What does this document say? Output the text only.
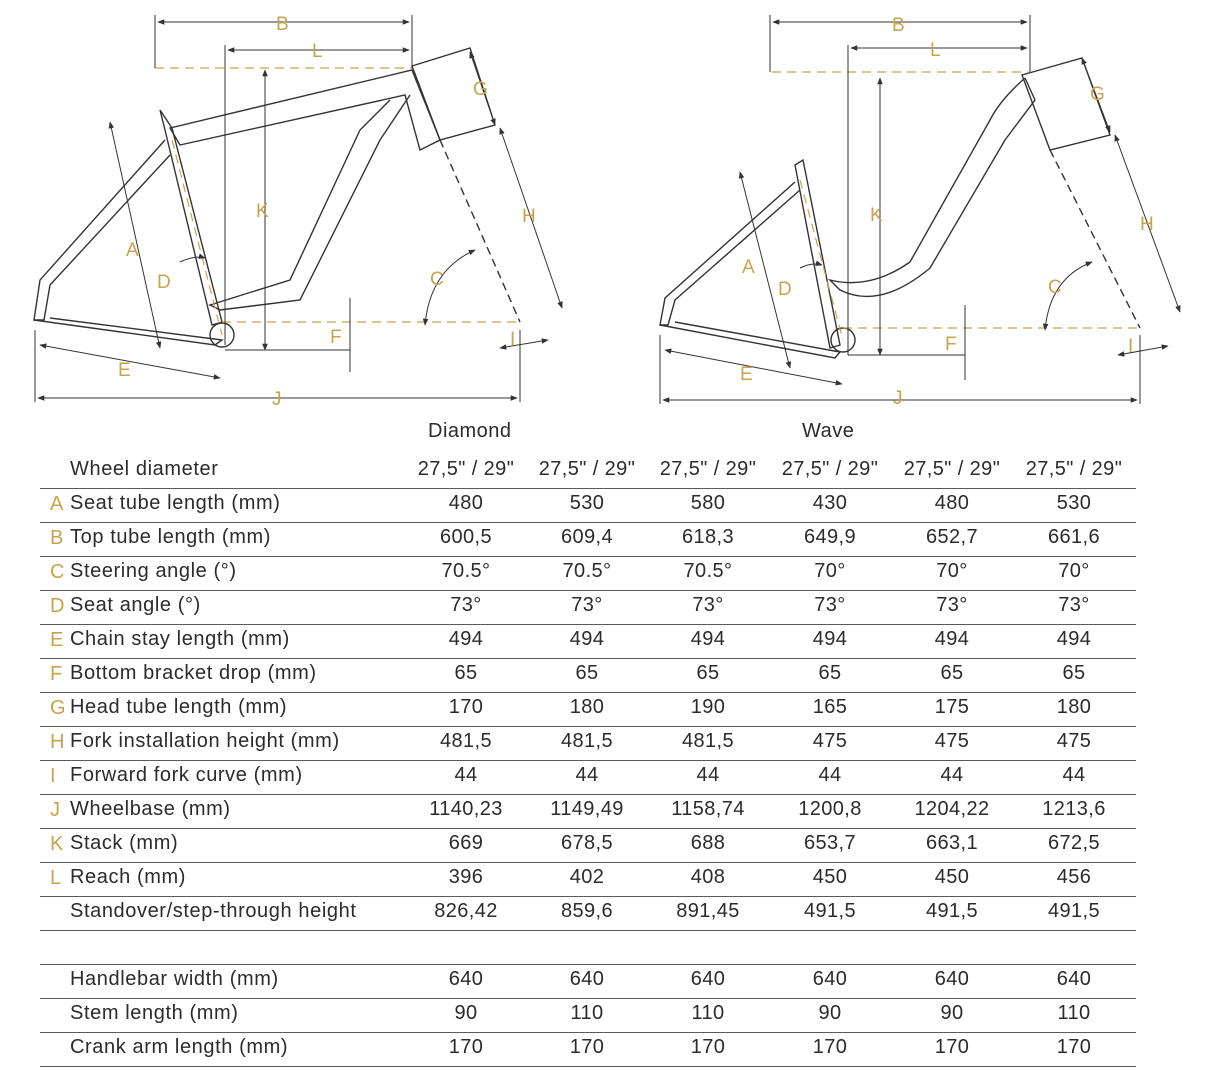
B
L
K
F
G
H
A
D	C
E
J
I
B
L
K
F
G
H
A
D	C
E
J
I
Diamond	Wave
Wheel diameter	27,5" / 29"	27,5" / 29"	27,5" / 29"	27,5" / 29"	27,5" / 29"	27,5" / 29"
A Seat tube length (mm)	480	530	580	430	480	530
B Top tube length (mm)	600,5	609,4	618,3	649,9	652,7	661,6
C Steering angle (°)	70.5°	70.5°	70.5°	70°	70°	70°
D Seat angle (°)	73°	73°	73°	73°	73°	73°
E Chain stay length (mm)	494	494	494	494	494	494
F Bottom bracket drop (mm)	65	65	65	65	65	65
G Head tube length (mm)	170	180	190	165	175	180
H Fork installation height (mm)	481,5	481,5	481,5	475	475	475
I Forward fork curve (mm)	44	44	44	44	44	44
J Wheelbase (mm)	1140,23	1149,49	1158,74	1200,8	1204,22	1213,6
K Stack (mm)	669	678,5	688	653,7	663,1	672,5
L Reach (mm)	396	402	408	450	450	456
Standover/step-through height	826,42	859,6	891,45	491,5	491,5	491,5
Handlebar width (mm)	640	640	640	640	640	640
Stem length (mm)	90	110	110	90	90	110
Crank arm length (mm)	170	170	170	170	170	170
